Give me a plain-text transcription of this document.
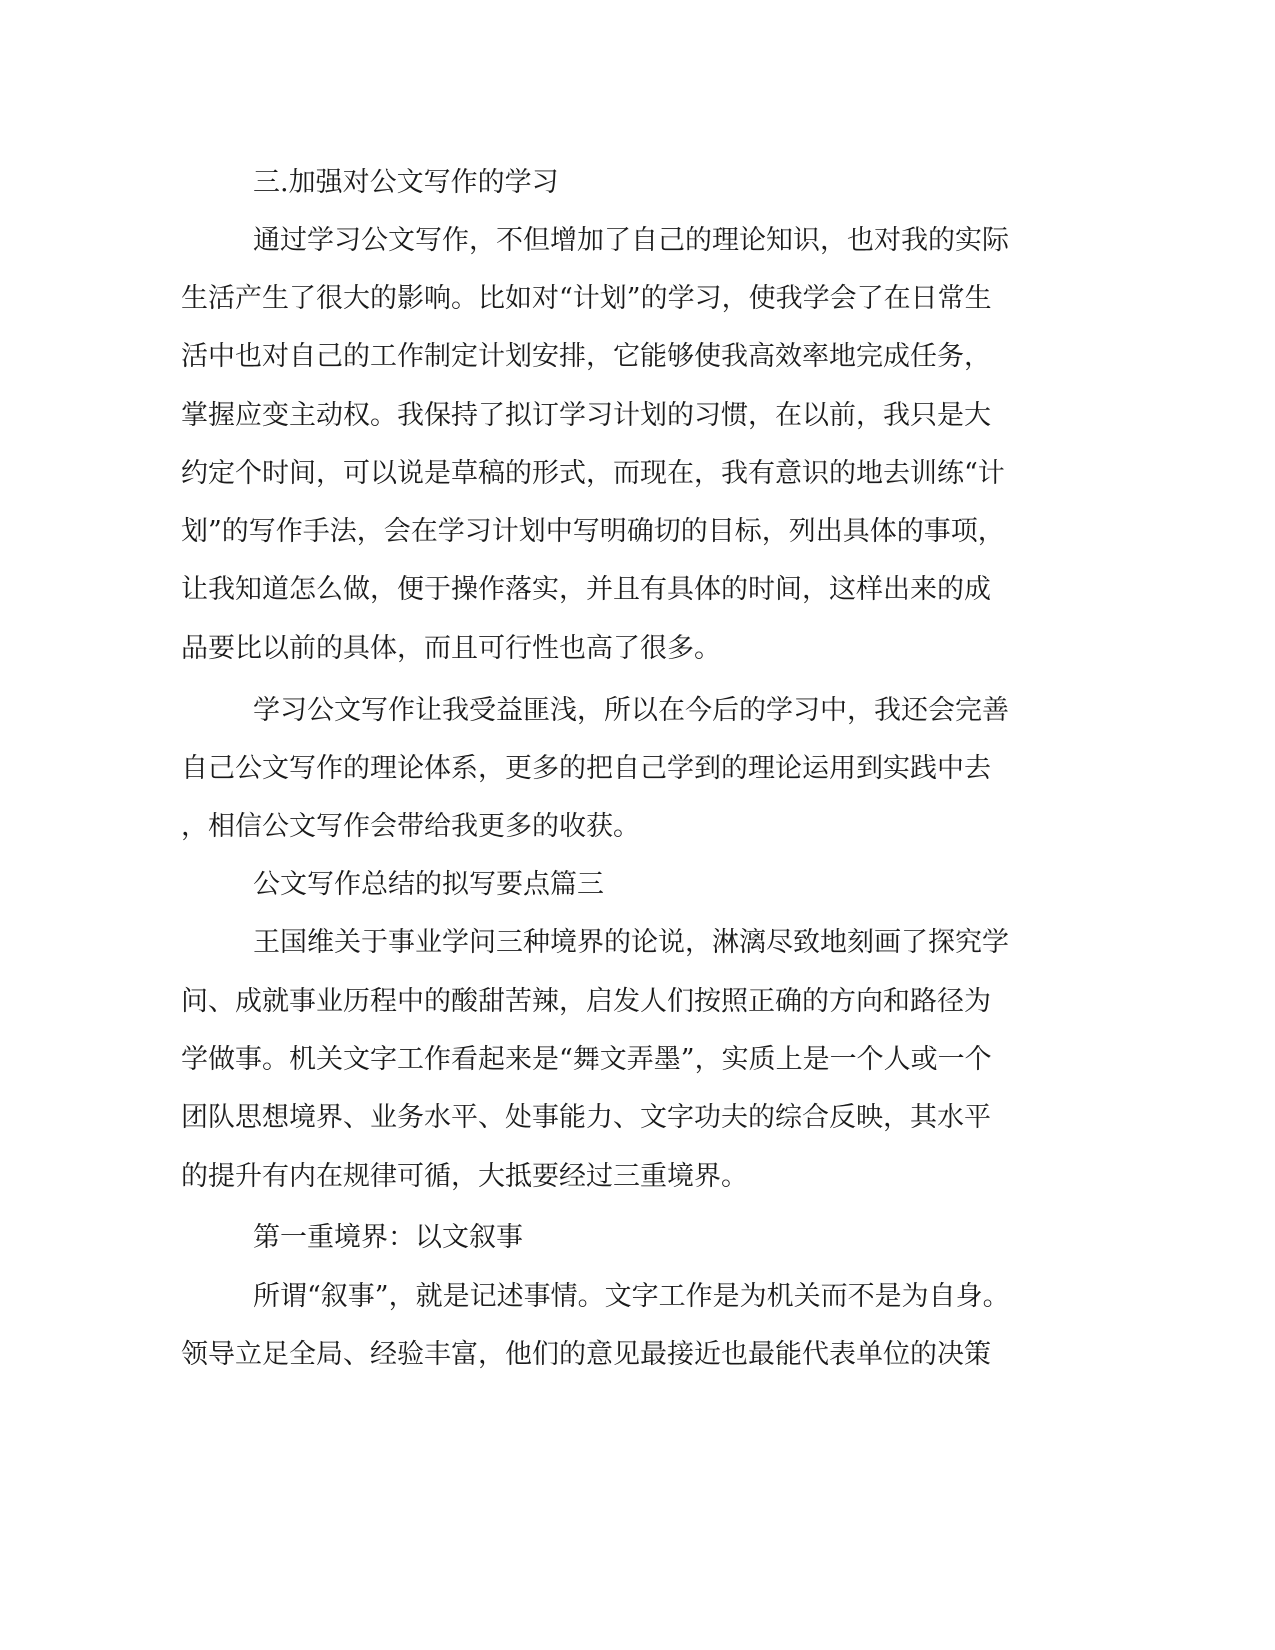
三.加强对公文写作的学习
通过学习公文写作，不但增加了自己的理论知识，也对我的实际
生活产生了很大的影响。比如对“计划”的学习，使我学会了在日常生
活中也对自己的工作制定计划安排，它能够使我高效率地完成任务，
掌握应变主动权。我保持了拟订学习计划的习惯，在以前，我只是大
约定个时间，可以说是草稿的形式，而现在，我有意识的地去训练“计
划”的写作手法，会在学习计划中写明确切的目标，列出具体的事项，
让我知道怎么做，便于操作落实，并且有具体的时间，这样出来的成
品要比以前的具体，而且可行性也高了很多。
学习公文写作让我受益匪浅，所以在今后的学习中，我还会完善
自己公文写作的理论体系，更多的把自己学到的理论运用到实践中去
，相信公文写作会带给我更多的收获。
公文写作总结的拟写要点篇三
王国维关于事业学问三种境界的论说，淋漓尽致地刻画了探究学
问、成就事业历程中的酸甜苦辣，启发人们按照正确的方向和路径为
学做事。机关文字工作看起来是“舞文弄墨”，实质上是一个人或一个
团队思想境界、业务水平、处事能力、文字功夫的综合反映，其水平
的提升有内在规律可循，大抵要经过三重境界。
第一重境界：以文叙事
所谓“叙事”，就是记述事情。文字工作是为机关而不是为自身。
领导立足全局、经验丰富，他们的意见最接近也最能代表单位的决策
